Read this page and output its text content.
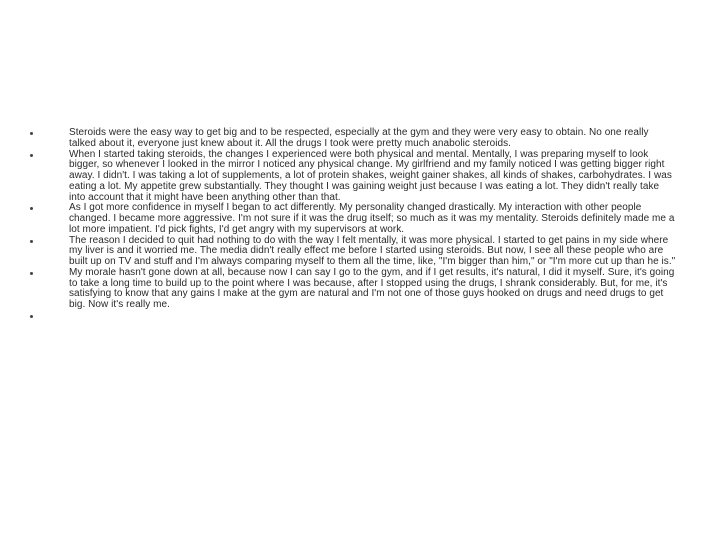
Steroids were the easy way to get big and to be respected, especially at the gym and they were very easy to obtain. No one really talked about it, everyone just knew about it. All the drugs I took were pretty much anabolic steroids.
When I started taking steroids, the changes I experienced were both physical and mental. Mentally, I was preparing myself to look bigger, so whenever I looked in the mirror I noticed any physical change. My girlfriend and my family noticed I was getting bigger right away. I didn't. I was taking a lot of supplements, a lot of protein shakes, weight gainer shakes, all kinds of shakes, carbohydrates. I was eating a lot. My appetite grew substantially. They thought I was gaining weight just because I was eating a lot. They didn't really take into account that it might have been anything other than that.
As I got more confidence in myself I began to act differently. My personality changed drastically. My interaction with other people changed. I became more aggressive. I'm not sure if it was the drug itself; so much as it was my mentality. Steroids definitely made me a lot more impatient. I'd pick fights, I'd get angry with my supervisors at work.
The reason I decided to quit had nothing to do with the way I felt mentally, it was more physical. I started to get pains in my side where my liver is and it worried me. The media didn't really effect me before I started using steroids. But now, I see all these people who are built up on TV and stuff and I'm always comparing myself to them all the time, like, "I'm bigger than him," or "I'm more cut up than he is."
My morale hasn't gone down at all, because now I can say I go to the gym, and if I get results, it's natural, I did it myself. Sure, it's going to take a long time to build up to the point where I was because, after I stopped using the drugs, I shrank considerably. But, for me, it's satisfying to know that any gains I make at the gym are natural and I'm not one of those guys hooked on drugs and need drugs to get big. Now it's really me.
